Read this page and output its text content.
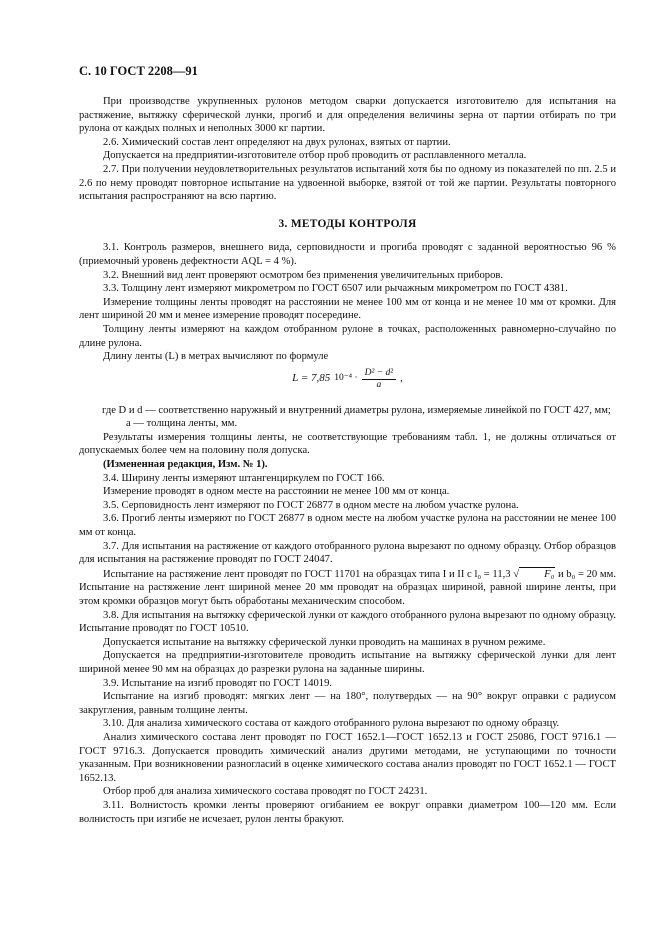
С. 10 ГОСТ 2208—91

При производстве укрупненных рулонов методом сварки допускается изготовителю для испытания на растяжение, вытяжку сферической лунки, прогиб и для определения величины зерна от партии отбирать по три рулона от каждых полных и неполных 3000 кг партии.

2.6. Химический состав лент определяют на двух рулонах, взятых от партии.

Допускается на предприятии-изготовителе отбор проб проводить от расплавленного металла.

2.7. При получении неудовлетворительных результатов испытаний хотя бы по одному из показателей по пп. 2.5 и 2.6 по нему проводят повторное испытание на удвоенной выборке, взятой от той же партии. Результаты повторного испытания распространяют на всю партию.

3. МЕТОДЫ КОНТРОЛЯ

3.1. Контроль размеров, внешнего вида, серповидности и прогиба проводят с заданной вероятностью 96 % (приемочный уровень дефектности AQL = 4 %).

3.2. Внешний вид лент проверяют осмотром без применения увеличительных приборов.

3.3. Толщину лент измеряют микрометром по ГОСТ 6507 или рычажным микрометром по ГОСТ 4381.

Измерение толщины ленты проводят на расстоянии не менее 100 мм от конца и не менее 10 мм от кромки. Для лент шириной 20 мм и менее измерение проводят посередине.

Толщину ленты измеряют на каждом отобранном рулоне в точках, расположенных равномерно-случайно по длине рулона.

Длину ленты (L) в метрах вычисляют по формуле

L = 7,85 $10^{-4} \cdot \frac{\text{D² − d²}}{a}$ ,

где D и d — соответственно наружный и внутренний диаметры рулона, измеряемые линейкой по ГОСТ 427, мм;

a — толщина ленты, мм.

Результаты измерения толщины ленты, не соответствующие требованиям табл. 1, не должны отличаться от допускаемых более чем на половину поля допуска.

(Измененная редакция, Изм. № 1).

3.4. Ширину ленты измеряют штангенциркулем по ГОСТ 166.

Измерение проводят в одном месте на расстоянии не менее 100 мм от конца.

3.5. Серповидность лент измеряют по ГОСТ 26877 в одном месте на любом участке рулона.

3.6. Прогиб ленты измеряют по ГОСТ 26877 в одном месте на любом участке рулона на расстоянии не менее 100 мм от конца.

3.7. Для испытания на растяжение от каждого отобранного рулона вырезают по одному образцу. Отбор образцов для испытания на растяжение проводят по ГОСТ 24047.

Испытание на растяжение лент проводят по ГОСТ 11701 на образцах типа I и II с l₀ = 11,3 √ F₀ и b₀ = 20 мм. Испытание на растяжение лент шириной менее 20 мм проводят на образцах шириной, равной ширине ленты, при этом кромки образцов могут быть обработаны механическим способом.

3.8. Для испытания на вытяжку сферической лунки от каждого отобранного рулона вырезают по одному образцу. Испытание проводят по ГОСТ 10510.

Допускается испытание на вытяжку сферической лунки проводить на машинах в ручном режиме.

Допускается на предприятии-изготовителе проводить испытание на вытяжку сферической лунки для лент шириной менее 90 мм на образцах до разрезки рулона на заданные ширины.

3.9. Испытание на изгиб проводят по ГОСТ 14019.

Испытание на изгиб проводят: мягких лент — на 180°, полутвердых — на 90° вокруг оправки с радиусом закругления, равным толщине ленты.

3.10. Для анализа химического состава от каждого отобранного рулона вырезают по одному образцу.

Анализ химического состава лент проводят по ГОСТ 1652.1—ГОСТ 1652.13 и ГОСТ 25086, ГОСТ 9716.1 — ГОСТ 9716.3. Допускается проводить химический анализ другими методами, не уступающими по точности указанным. При возникновении разногласий в оценке химического состава анализ проводят по ГОСТ 1652.1 — ГОСТ 1652.13.

Отбор проб для анализа химического состава проводят по ГОСТ 24231.

3.11. Волнистость кромки ленты проверяют огибанием ее вокруг оправки диаметром 100—120 мм. Если волнистость при изгибе не исчезает, рулон ленты бракуют.
